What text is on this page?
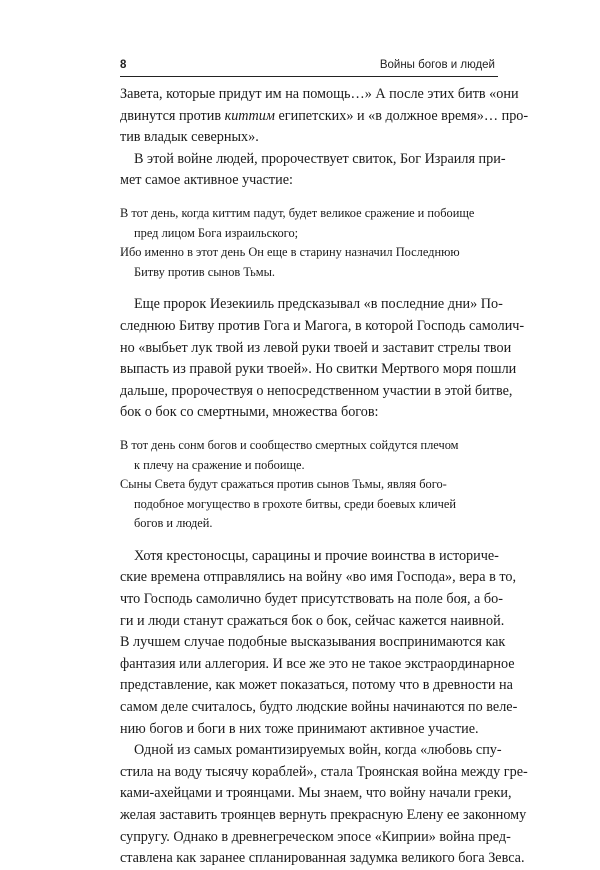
8	Войны богов и людей
Завета, которые придут им на помощь…» А после этих битв «они
двинутся против киттим египетских» и «в должное время»… про-
тив владык северных».
В этой войне людей, пророчествует свиток, Бог Израиля при-
мет самое активное участие:
В тот день, когда киттим падут, будет великое сражение и побоище
пред лицом Бога израильского;
Ибо именно в этот день Он еще в старину назначил Последнюю
Битву против сынов Тьмы.
Еще пророк Иезекииль предсказывал «в последние дни» По-
следнюю Битву против Гога и Магога, в которой Господь самолич-
но «выбьет лук твой из левой руки твоей и заставит стрелы твои
выпасть из правой руки твоей». Но свитки Мертвого моря пошли
дальше, пророчествуя о непосредственном участии в этой битве,
бок о бок со смертными, множества богов:
В тот день сонм богов и сообщество смертных сойдутся плечом
к плечу на сражение и побоище.
Сыны Света будут сражаться против сынов Тьмы, являя бого-
подобное могущество в грохоте битвы, среди боевых кличей
богов и людей.
Хотя крестоносцы, сарацины и прочие воинства в историче-
ские времена отправлялись на войну «во имя Господа», вера в то,
что Господь самолично будет присутствовать на поле боя, а бо-
ги и люди станут сражаться бок о бок, сейчас кажется наивной.
В лучшем случае подобные высказывания воспринимаются как
фантазия или аллегория. И все же это не такое экстраординарное
представление, как может показаться, потому что в древности на
самом деле считалось, будто людские войны начинаются по веле-
нию богов и боги в них тоже принимают активное участие.
Одной из самых романтизируемых войн, когда «любовь спу-
стила на воду тысячу кораблей», стала Троянская война между гре-
ками-ахейцами и троянцами. Мы знаем, что войну начали греки,
желая заставить троянцев вернуть прекрасную Елену ее законному
супругу. Однако в древнегреческом эпосе «Киприи» война пред-
ставлена как заранее спланированная задумка великого бога Зевса.
